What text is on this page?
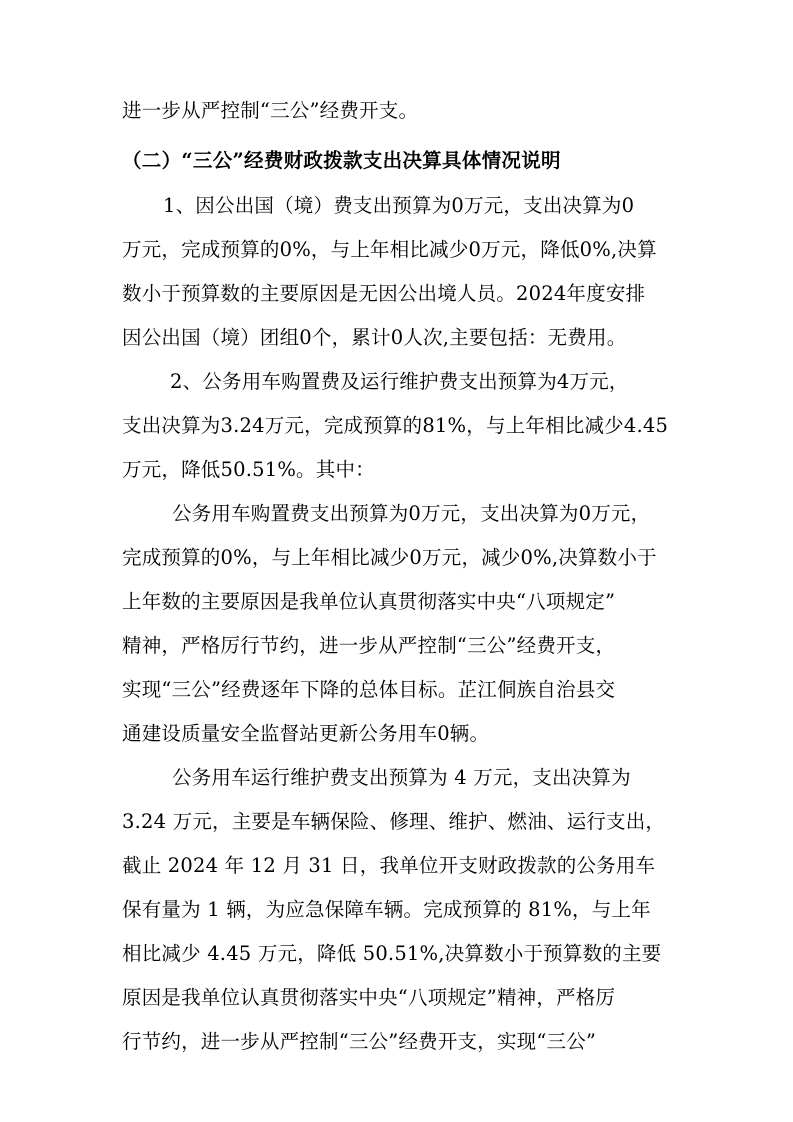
进一步从严控制“三公”经费开支。
（二）“三公”经费财政拨款支出决算具体情况说明
1、因公出国（境）费支出预算为0万元，支出决算为0
万元，完成预算的0%，与上年相比减少0万元，降低0%,决算
数小于预算数的主要原因是无因公出境人员。2024年度安排
因公出国（境）团组0个，累计0人次,主要包括：无费用。
2、公务用车购置费及运行维护费支出预算为4万元，
支出决算为3.24万元，完成预算的81%，与上年相比减少4.45
万元，降低50.51%。其中：
公务用车购置费支出预算为0万元，支出决算为0万元，
完成预算的0%，与上年相比减少0万元，减少0%,决算数小于
上年数的主要原因是我单位认真贯彻落实中央“八项规定”
精神，严格厉行节约，进一步从严控制“三公”经费开支，
实现“三公”经费逐年下降的总体目标。芷江侗族自治县交
通建设质量安全监督站更新公务用车0辆。
公务用车运行维护费支出预算为 4 万元，支出决算为
3.24 万元，主要是车辆保险、修理、维护、燃油、运行支出，
截止 2024 年 12 月 31 日，我单位开支财政拨款的公务用车
保有量为 1 辆，为应急保障车辆。完成预算的 81%，与上年
相比减少 4.45 万元，降低 50.51%,决算数小于预算数的主要
原因是我单位认真贯彻落实中央“八项规定”精神，严格厉
行节约，进一步从严控制“三公”经费开支，实现“三公”
